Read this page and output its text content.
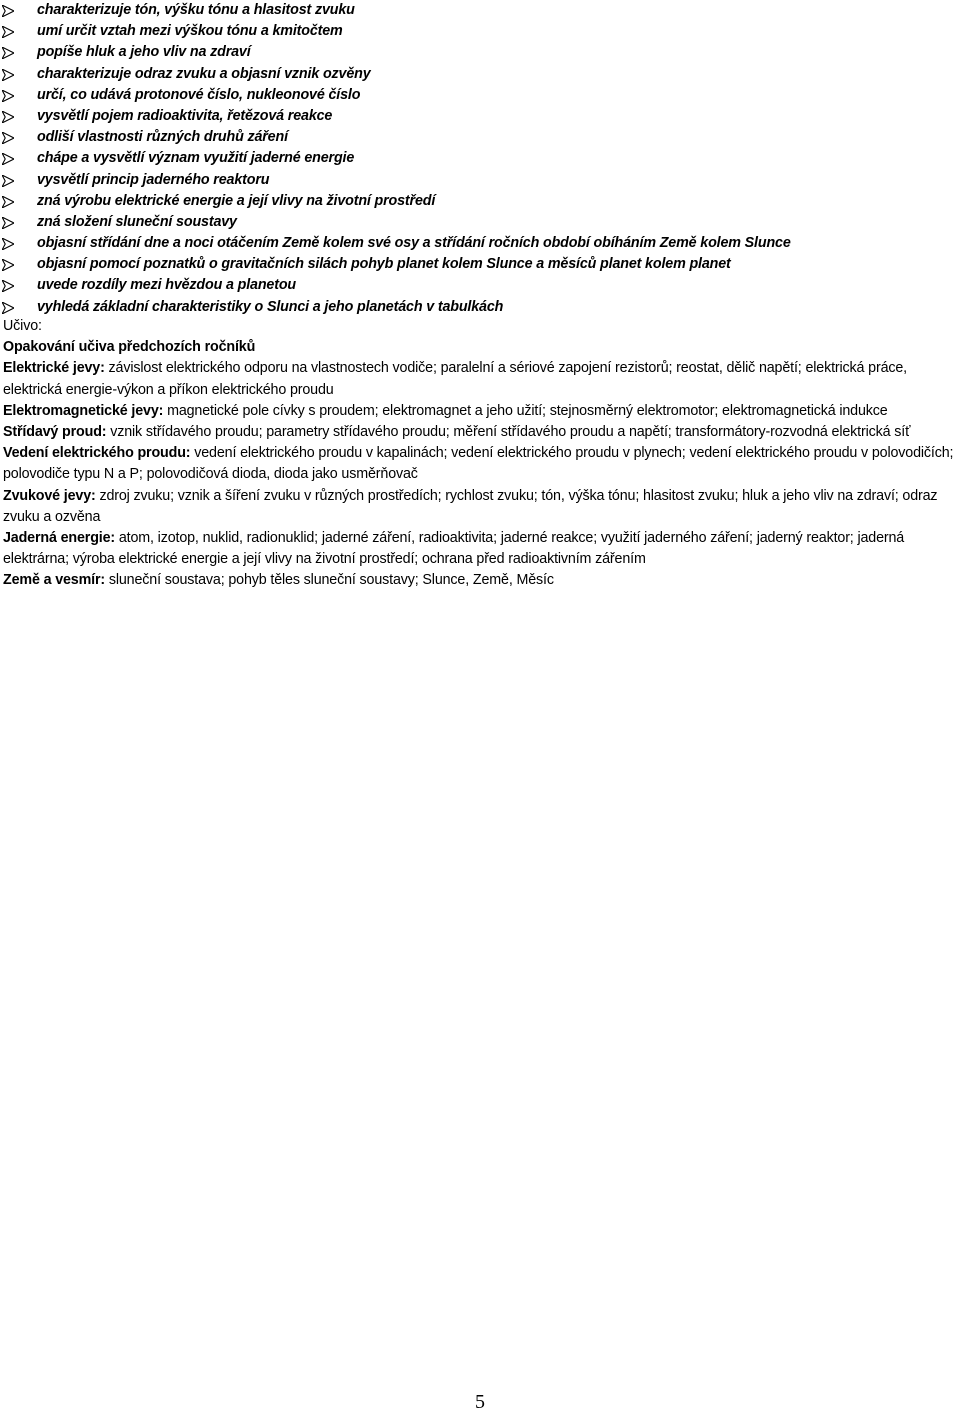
charakterizuje tón, výšku tónu a hlasitost zvuku
umí určit vztah mezi výškou tónu a kmitočtem
popíše hluk a jeho vliv na zdraví
charakterizuje odraz zvuku a objasní vznik ozvěny
určí, co udává protonové číslo, nukleonové číslo
vysvětlí pojem radioaktivita, řetězová reakce
odliší vlastnosti různých druhů záření
chápe a vysvětlí význam využití jaderné energie
vysvětlí princip jaderného reaktoru
zná výrobu elektrické energie a její vlivy na životní prostředí
zná složení sluneční soustavy
objasní střídání dne a noci otáčením Země kolem své osy a střídání ročních období obíháním Země kolem Slunce
objasní pomocí poznatků o gravitačních silách pohyb planet kolem Slunce a měsíců planet kolem planet
uvede rozdíly mezi hvězdou a planetou
vyhledá základní charakteristiky o Slunci a jeho planetách v tabulkách
Učivo:
Opakování učiva předchozích ročníků
Elektrické jevy: závislost elektrického odporu na vlastnostech vodiče; paralelní a sériové zapojení rezistorů; reostat, dělič napětí; elektrická práce, elektrická energie-výkon a příkon elektrického proudu
Elektromagnetické jevy: magnetické pole cívky s proudem; elektromagnet a jeho užití; stejnosměrný elektromotor; elektromagnetická indukce
Střídavý proud: vznik střídavého proudu; parametry střídavého proudu; měření střídavého proudu a napětí; transformátory-rozvodná elektrická síť
Vedení elektrického proudu: vedení elektrického proudu v kapalinách; vedení elektrického proudu v plynech; vedení elektrického proudu v polovodičích; polovodiče typu N a P; polovodičová dioda, dioda jako usměrňovač
Zvukové jevy: zdroj zvuku; vznik a šíření zvuku v různých prostředích; rychlost zvuku; tón, výška tónu; hlasitost zvuku; hluk a jeho vliv na zdraví; odraz zvuku a ozvěna
Jaderná energie: atom, izotop, nuklid, radionuklid; jaderné záření, radioaktivita; jaderné reakce; využití jaderného záření; jaderný reaktor; jaderná elektrárna; výroba elektrické energie a její vlivy na životní prostředí; ochrana před radioaktivním zářením
Země a vesmír: sluneční soustava; pohyb těles sluneční soustavy; Slunce, Země, Měsíc
5
